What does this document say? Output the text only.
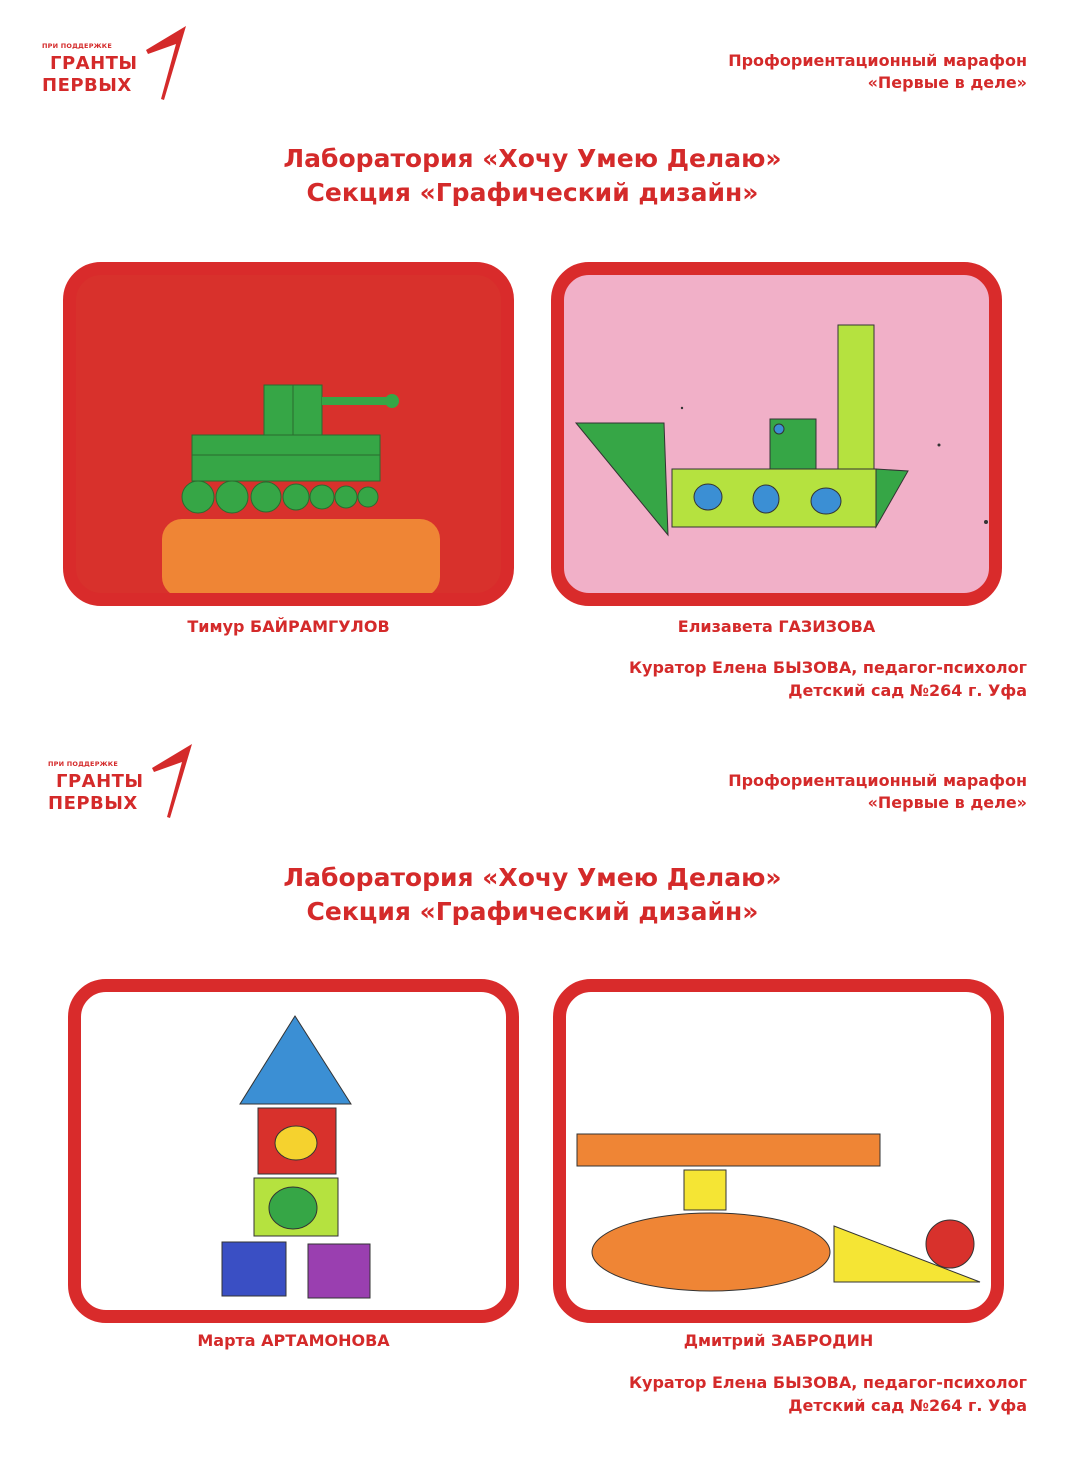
ПРИ ПОДДЕРЖКЕ
ГРАНТЫ
ПЕРВЫХ
Профориентационный марафон
«Первые в деле»
Лаборатория «Хочу Умею Делаю»
Секция «Графический дизайн»
Тимур БАЙРАМГУЛОВ	Елизавета ГАЗИЗОВА
Куратор Елена БЫЗОВА, педагог-психолог
Детский сад №264 г. Уфа
ПРИ ПОДДЕРЖКЕ
ГРАНТЫ
ПЕРВЫХ
Профориентационный марафон
«Первые в деле»
Лаборатория «Хочу Умею Делаю»
Секция «Графический дизайн»
Марта АРТАМОНОВА	Дмитрий ЗАБРОДИН
Куратор Елена БЫЗОВА, педагог-психолог
Детский сад №264 г. Уфа
